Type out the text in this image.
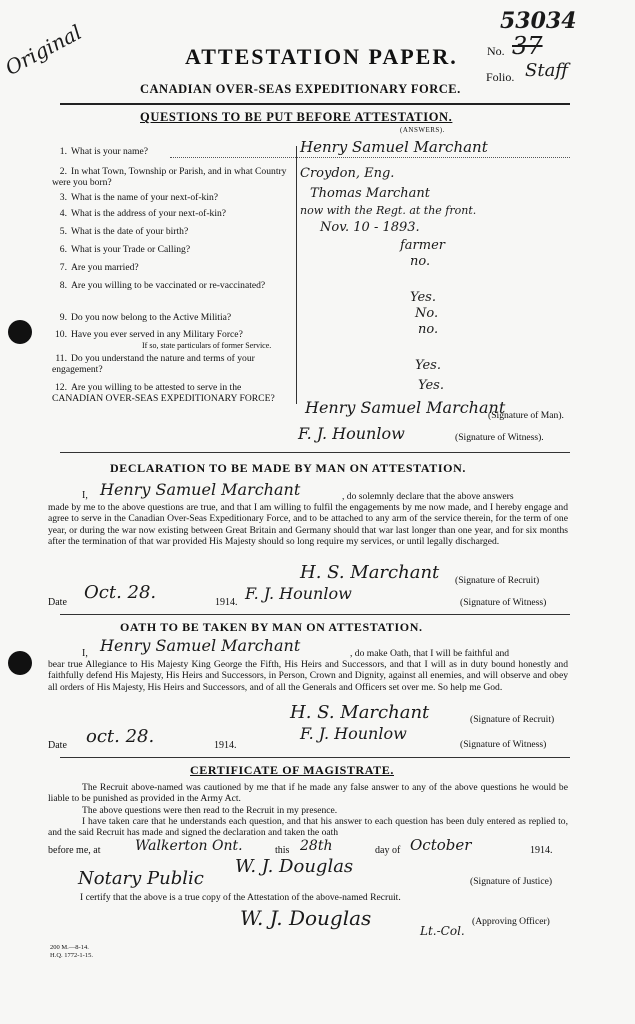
Original	53034
No. 37
Folio. Staff
ATTESTATION PAPER.
CANADIAN OVER-SEAS EXPEDITIONARY FORCE.
QUESTIONS TO BE PUT BEFORE ATTESTATION.
(ANSWERS).
1. What is your name?	Henry Samuel Marchant
2. In what Town, Township or Parish, and in what Country were you born?
Croydon, Eng.
3. What is the name of your next-of-kin?	Thomas Marchant
4. What is the address of your next-of-kin?	now with the Regt. at the front.
5. What is the date of your birth?	Nov. 10 - 1893.
6. What is your Trade or Calling?	farmer
7. Are you married?	no.
8. Are you willing to be vaccinated or re-vaccinated?
Yes.
9. Do you now belong to the Active Militia?	No.
10. Have you ever served in any Military Force?
If so, state particulars of former Service.
no.
11. Do you understand the nature and terms of your engagement?	Yes.
12. Are you willing to be attested to serve in the CANADIAN OVER-SEAS EXPEDITIONARY FORCE?
Yes.
Henry Samuel Marchant
(Signature of Man).
F. J. Hounlow	(Signature of Witness).
DECLARATION TO BE MADE BY MAN ON ATTESTATION.
I, Henry Samuel Marchant	, do solemnly declare that the above answers
made by me to the above questions are true, and that I am willing to fulfil the engagements by me now made, and I hereby engage and agree to serve in the Canadian Over-Seas Expeditionary Force, and to be attached to any arm of the service therein, for the term of one year, or during the war now existing between Great Britain and Germany should that war last longer than one year, and for six months after the termination of that war provided His Majesty should so long require my services, or until legally discharged.
Date Oct. 28.	1914.
H. S. Marchant (Signature of Recruit)
F. J. Hounlow	(Signature of Witness)
OATH TO BE TAKEN BY MAN ON ATTESTATION.
I, Henry Samuel Marchant	, do make Oath, that I will be faithful and
bear true Allegiance to His Majesty King George the Fifth, His Heirs and Successors, and that I will as in duty bound honestly and faithfully defend His Majesty, His Heirs and Successors, in Person, Crown and Dignity, against all enemies, and will observe and obey all orders of His Majesty, His Heirs and Successors, and of all the Generals and Officers set over me. So help me God.
Date oct. 28.	1914.
H. S. Marchant	(Signature of Recruit)
F. J. Hounlow
(Signature of Witness)
CERTIFICATE OF MAGISTRATE.
The Recruit above-named was cautioned by me that if he made any false answer to any of the above questions he would be liable to be punished as provided in the Army Act.
The above questions were then read to the Recruit in my presence.
I have taken care that he understands each question, and that his answer to each question has been duly entered as replied to, and the said Recruit has made and signed the declaration and taken the oath
before me, at Walkerton Ont.	this 28th	day of October	1914.
W. J. Douglas
Notary Public	(Signature of Justice)
I certify that the above is a true copy of the Attestation of the above-named Recruit.
W. J. Douglas
Lt.-Col.
(Approving Officer)
200 M.—8-14.
H.Q. 1772-1-15.
